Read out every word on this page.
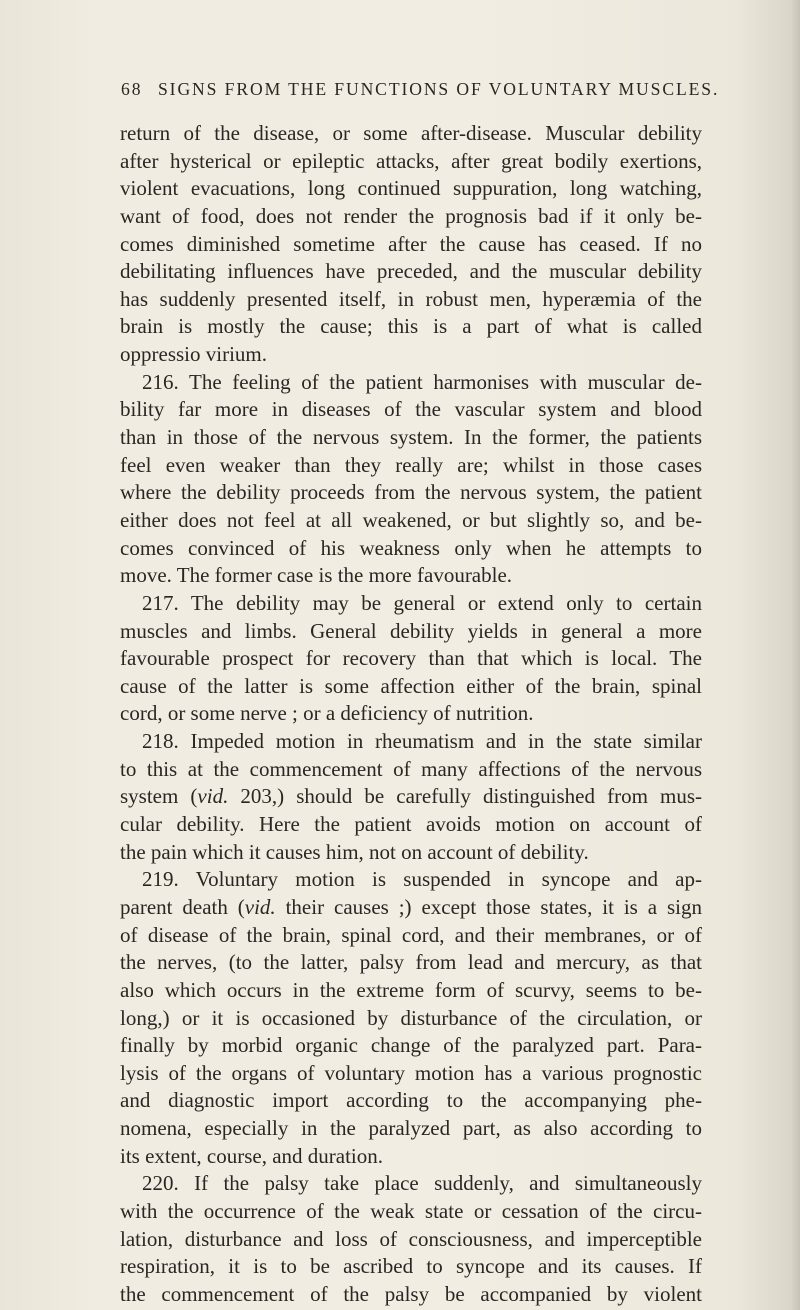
68 SIGNS FROM THE FUNCTIONS OF VOLUNTARY MUSCLES.
return of the disease, or some after-disease. Muscular debility
after hysterical or epileptic attacks, after great bodily exertions,
violent evacuations, long continued suppuration, long watching,
want of food, does not render the prognosis bad if it only be-
comes diminished sometime after the cause has ceased. If no
debilitating influences have preceded, and the muscular debility
has suddenly presented itself, in robust men, hyperæmia of the
brain is mostly the cause; this is a part of what is called
oppressio virium.
216. The feeling of the patient harmonises with muscular de-
bility far more in diseases of the vascular system and blood
than in those of the nervous system. In the former, the patients
feel even weaker than they really are; whilst in those cases
where the debility proceeds from the nervous system, the patient
either does not feel at all weakened, or but slightly so, and be-
comes convinced of his weakness only when he attempts to
move. The former case is the more favourable.
217. The debility may be general or extend only to certain
muscles and limbs. General debility yields in general a more
favourable prospect for recovery than that which is local. The
cause of the latter is some affection either of the brain, spinal
cord, or some nerve ; or a deficiency of nutrition.
218. Impeded motion in rheumatism and in the state similar
to this at the commencement of many affections of the nervous
system (vid. 203,) should be carefully distinguished from mus-
cular debility. Here the patient avoids motion on account of
the pain which it causes him, not on account of debility.
219. Voluntary motion is suspended in syncope and ap-
parent death (vid. their causes ;) except those states, it is a sign
of disease of the brain, spinal cord, and their membranes, or of
the nerves, (to the latter, palsy from lead and mercury, as that
also which occurs in the extreme form of scurvy, seems to be-
long,) or it is occasioned by disturbance of the circulation, or
finally by morbid organic change of the paralyzed part. Para-
lysis of the organs of voluntary motion has a various prognostic
and diagnostic import according to the accompanying phe-
nomena, especially in the paralyzed part, as also according to
its extent, course, and duration.
220. If the palsy take place suddenly, and simultaneously
with the occurrence of the weak state or cessation of the circu-
lation, disturbance and loss of consciousness, and imperceptible
respiration, it is to be ascribed to syncope and its causes. If
the commencement of the palsy be accompanied by violent
